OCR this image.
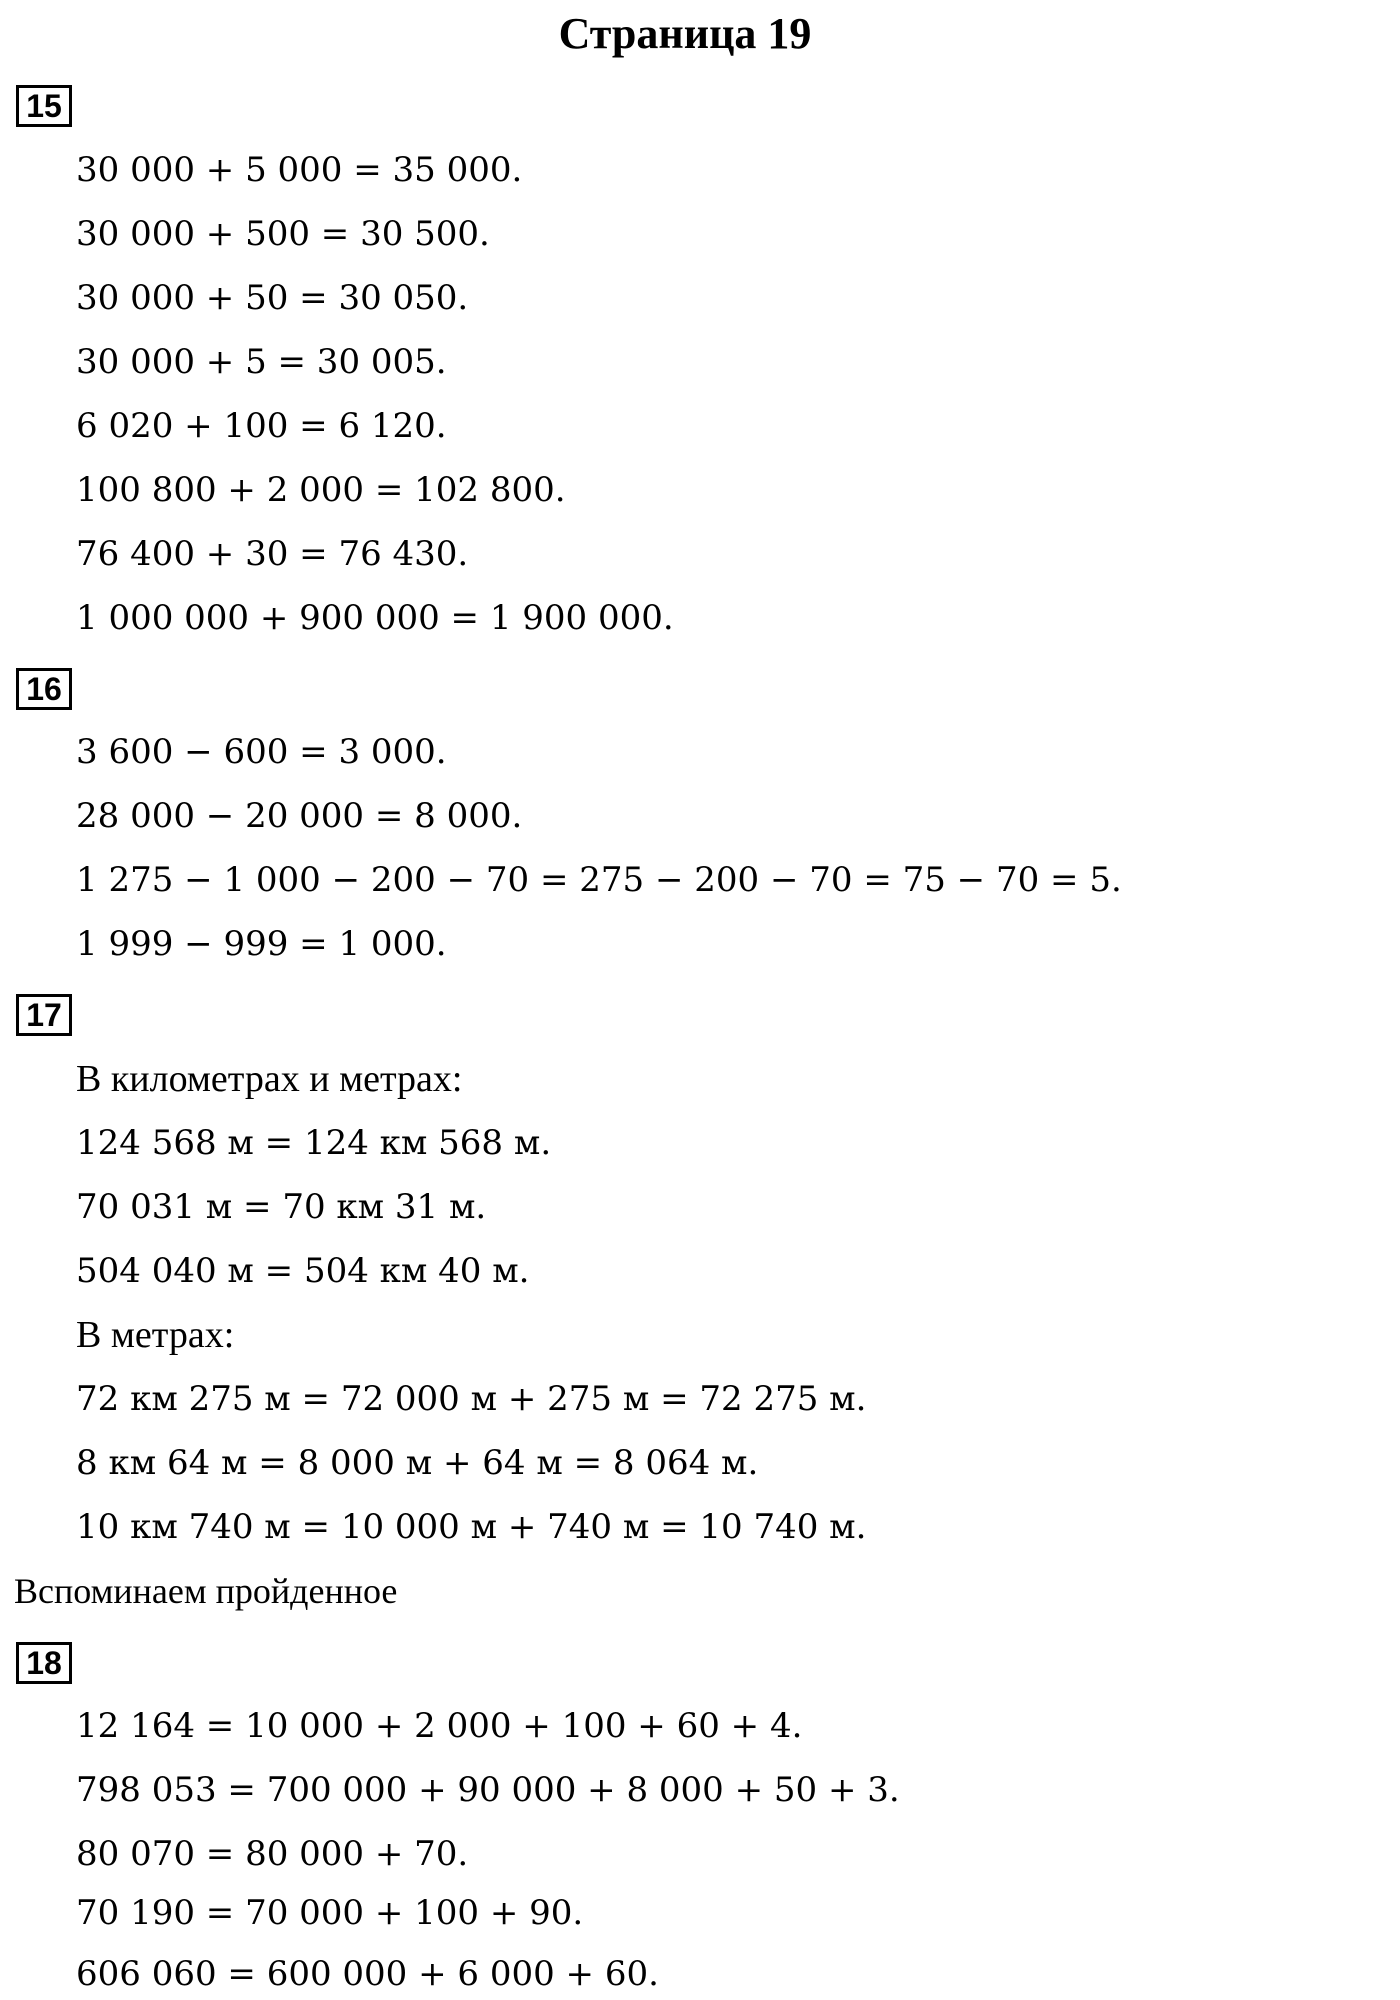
Страница 19
15
30 000 + 5 000 = 35 000.
30 000 + 500 = 30 500.
30 000 + 50 = 30 050.
30 000 + 5 = 30 005.
6 020 + 100 = 6 120.
100 800 + 2 000 = 102 800.
76 400 + 30 = 76 430.
1 000 000 + 900 000 = 1 900 000.
16
3 600 − 600 = 3 000.
28 000 − 20 000 = 8 000.
1 275 − 1 000 − 200 − 70 = 275 − 200 − 70 = 75 − 70 = 5.
1 999 − 999 = 1 000.
17
В километрах и метрах:
124 568 м = 124 км 568 м.
70 031 м = 70 км 31 м.
504 040 м = 504 км 40 м.
В метрах:
72 км 275 м = 72 000 м + 275 м = 72 275 м.
8 км 64 м = 8 000 м + 64 м = 8 064 м.
10 км 740 м = 10 000 м + 740 м = 10 740 м.
Вспоминаем пройденное
18
12 164 = 10 000 + 2 000 + 100 + 60 + 4.
798 053 = 700 000 + 90 000 + 8 000 + 50 + 3.
80 070 = 80 000 + 70.
70 190 = 70 000 + 100 + 90.
606 060 = 600 000 + 6 000 + 60.
